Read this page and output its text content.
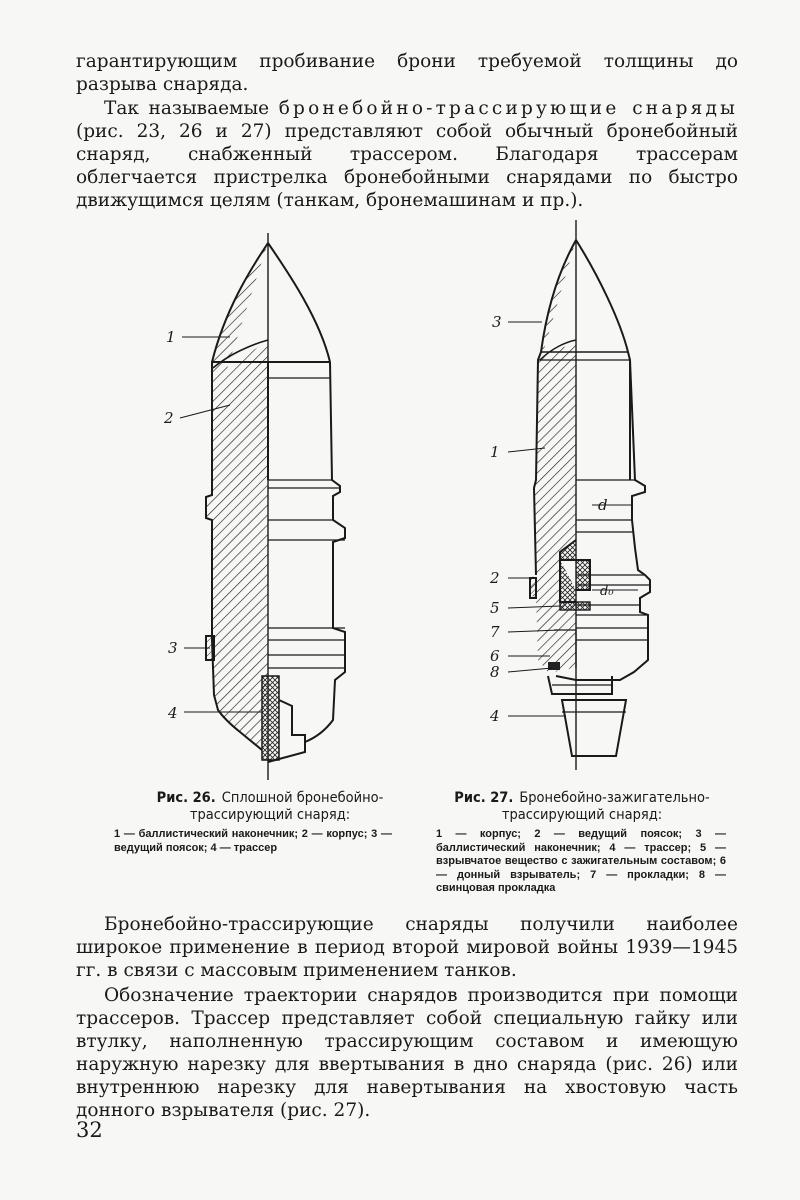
гарантирующим пробивание брони требуемой толщины до разрыва снаряда.

Так называемые бронебойно-трассирующие снаряды (рис. 23, 26 и 27) представляют собой обычный бронебойный снаряд, снабженный трассером. Благодаря трассерам облегчается пристрелка бронебойными снарядами по быстро движущимся целям (танкам, бронемашинам и пр.).

1
2
3
4
3
1
2
5
7
6
8
4
d
d₀
Рис. 26. Сплошной бронебойно-трассирующий снаряд:
1 — баллистический наконечник; 2 — корпус; 3 — ведущий поясок; 4 — трассер
Рис. 27. Бронебойно-зажигательно-трассирующий снаряд:
1 — корпус; 2 — ведущий поясок; 3 — баллистический наконечник; 4 — трассер; 5 — взрывчатое вещество с зажигательным составом; 6 — донный взрыватель; 7 — прокладки; 8 — свинцовая прокладка

Бронебойно-трассирующие снаряды получили наиболее широкое применение в период второй мировой войны 1939—1945 гг. в связи с массовым применением танков.

Обозначение траектории снарядов производится при помощи трассеров. Трассер представляет собой специальную гайку или втулку, наполненную трассирующим составом и имеющую наружную нарезку для ввертывания в дно снаряда (рис. 26) или внутреннюю нарезку для навертывания на хвостовую часть донного взрывателя (рис. 27).

32
